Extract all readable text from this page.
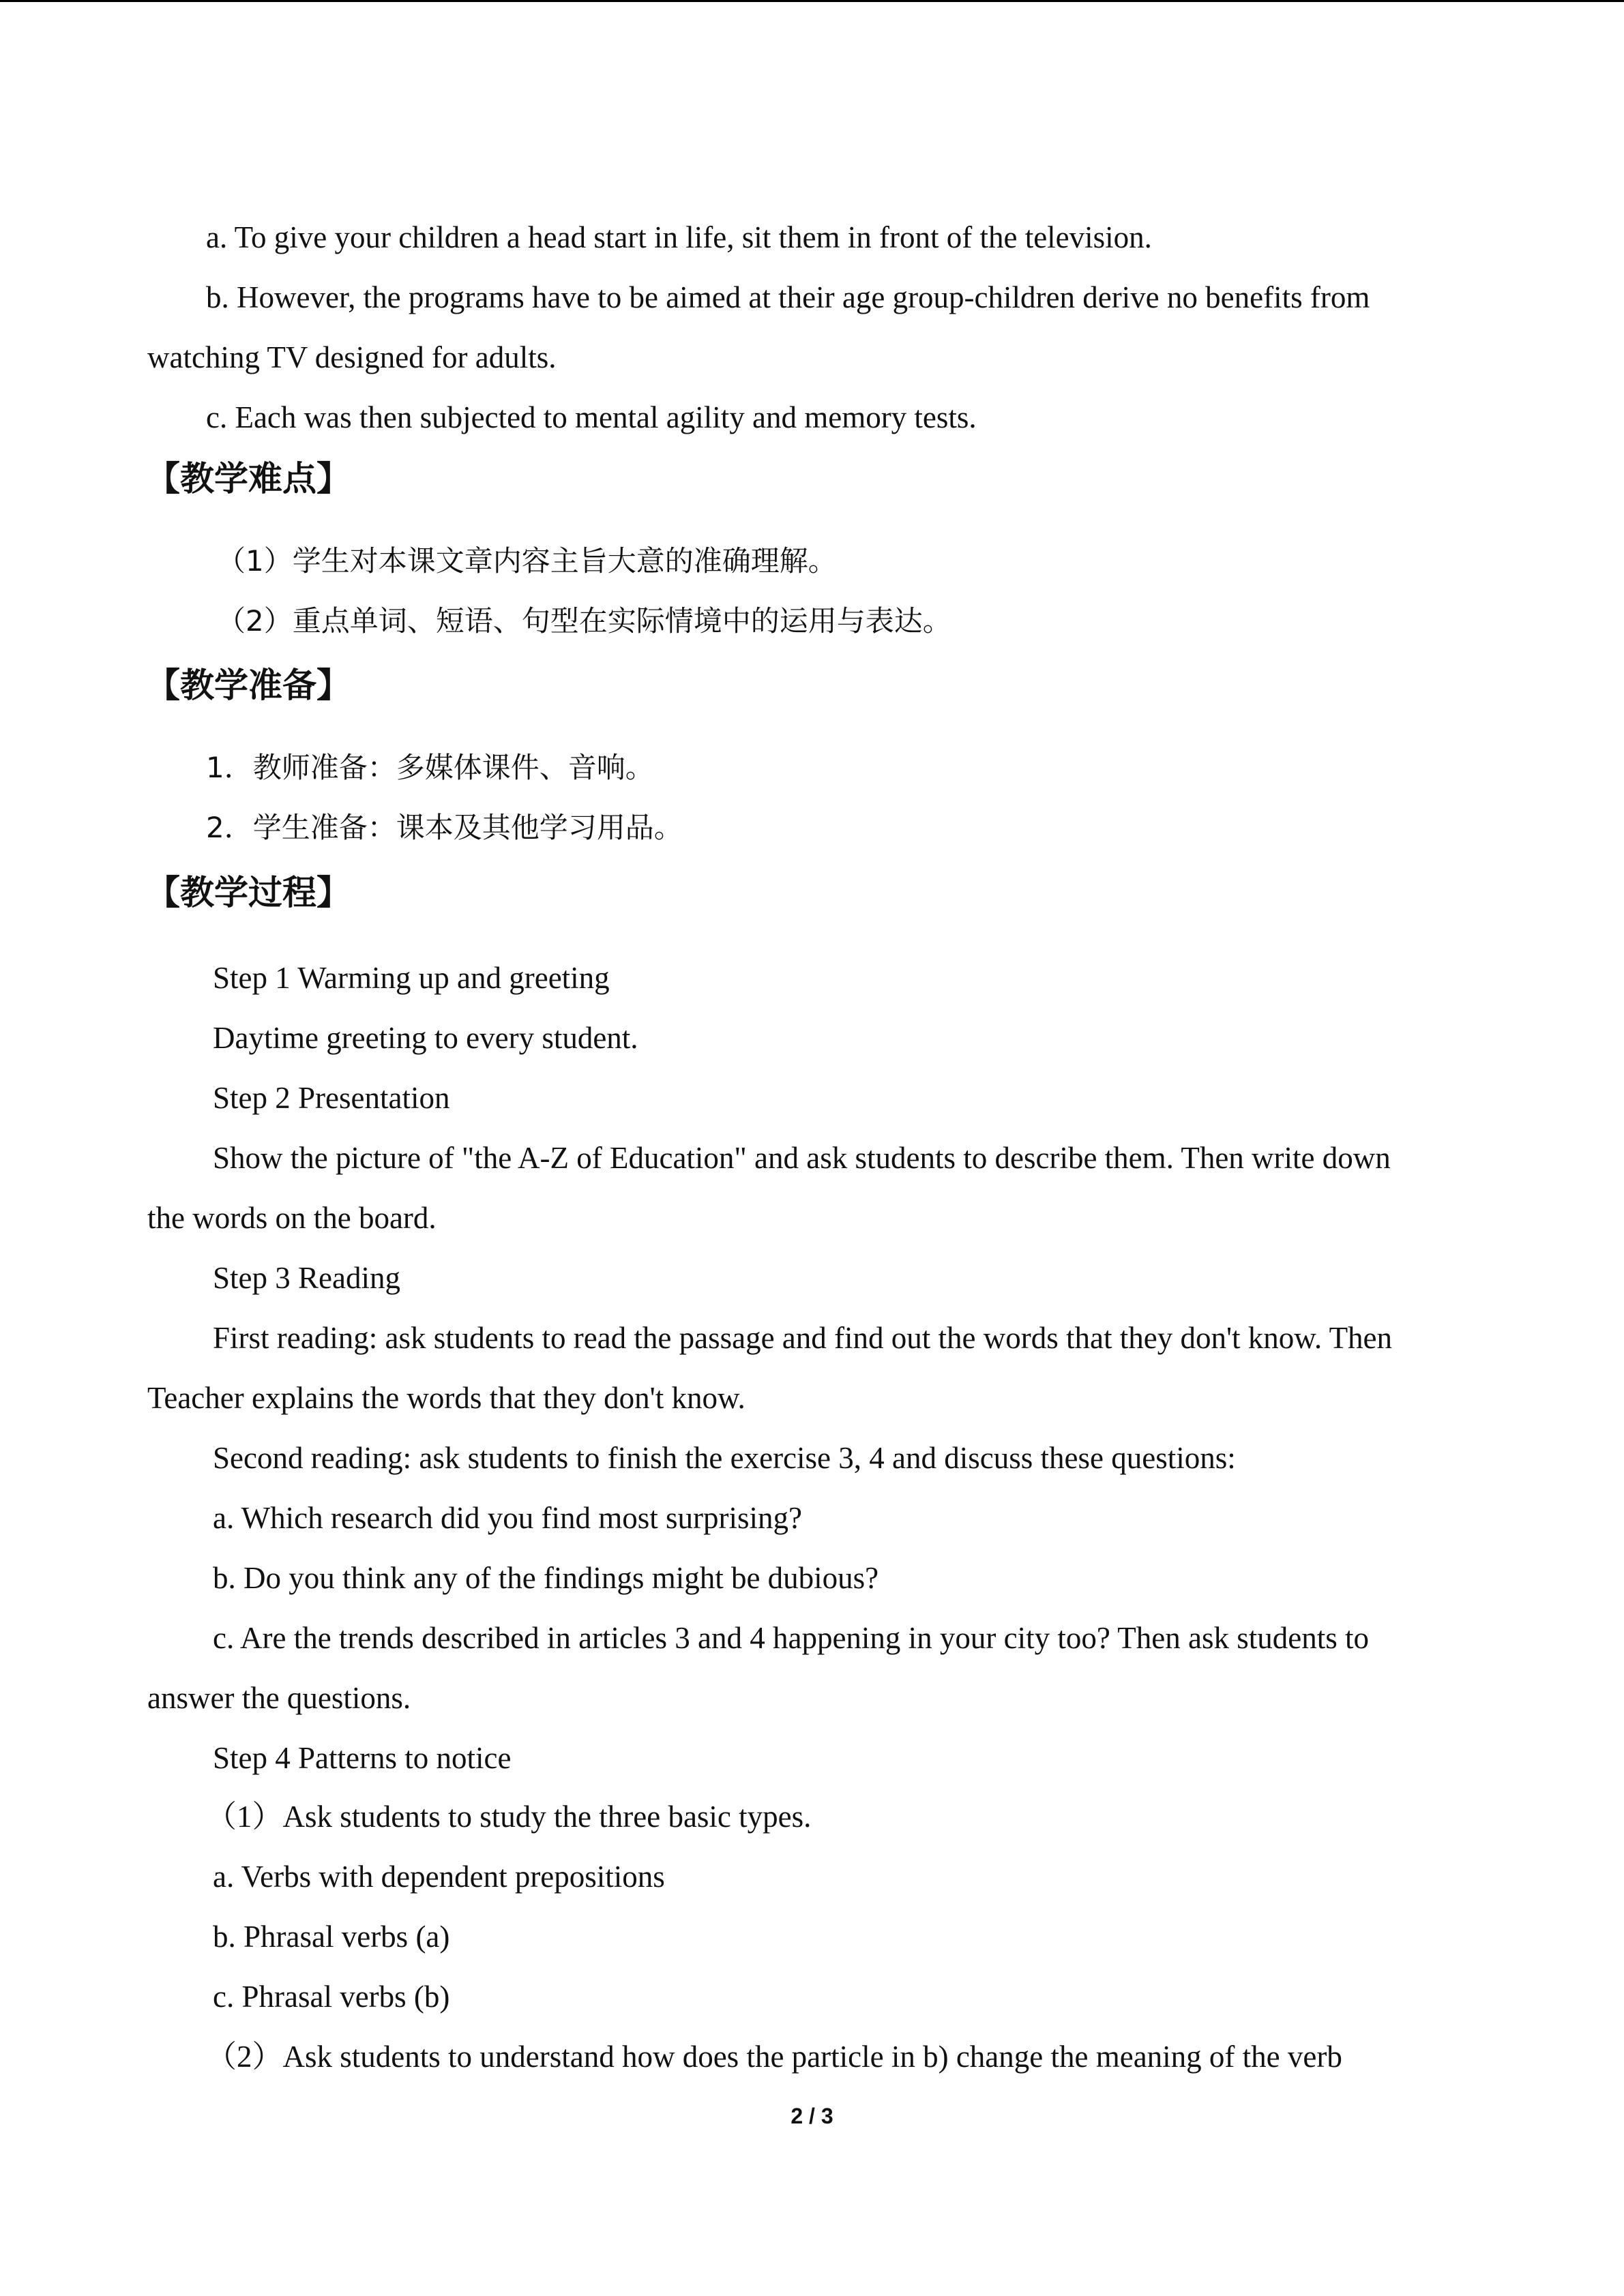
a. To give your children a head start in life, sit them in front of the television.
b. However, the programs have to be aimed at their age group-children derive no benefits from
watching TV designed for adults.
c. Each was then subjected to mental agility and memory tests.
【教学难点】
（1）学生对本课文章内容主旨大意的准确理解。
（2）重点单词、短语、句型在实际情境中的运用与表达。
【教学准备】
1．教师准备：多媒体课件、音响。
2．学生准备：课本及其他学习用品。
【教学过程】
Step 1 Warming up and greeting
Daytime greeting to every student.
Step 2 Presentation
Show the picture of "the A-Z of Education" and ask students to describe them. Then write down
the words on the board.
Step 3 Reading
First reading: ask students to read the passage and find out the words that they don't know. Then
Teacher explains the words that they don't know.
Second reading: ask students to finish the exercise 3, 4 and discuss these questions:
a. Which research did you find most surprising?
b. Do you think any of the findings might be dubious?
c. Are the trends described in articles 3 and 4 happening in your city too? Then ask students to
answer the questions.
Step 4 Patterns to notice
（1）Ask students to study the three basic types.
a. Verbs with dependent prepositions
b. Phrasal verbs (a)
c. Phrasal verbs (b)
（2）Ask students to understand how does the particle in b) change the meaning of the verb
2 / 3
